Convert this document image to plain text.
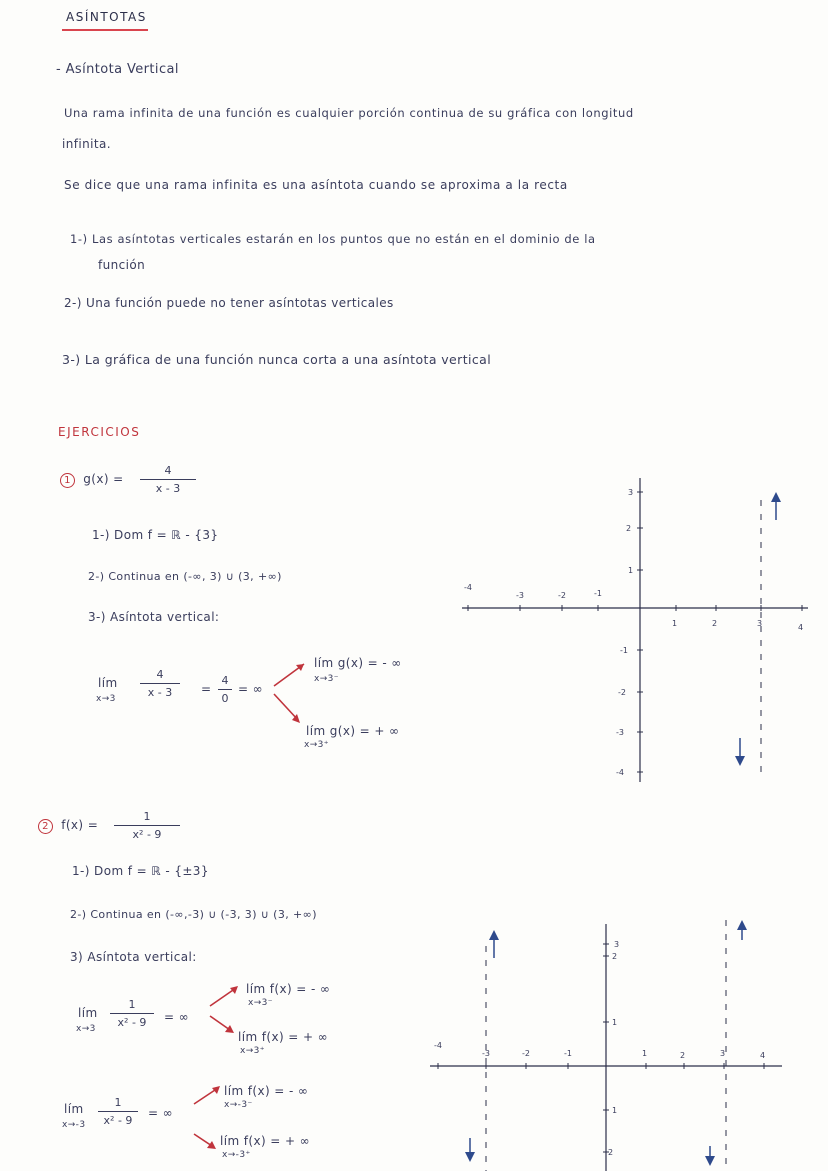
ASÍNTOTAS
- Asíntota Vertical
Una rama infinita de una función es cualquier porción continua de su gráfica con longitud
infinita.
Se dice que una rama infinita es una asíntota cuando se aproxima a la recta
1-) Las asíntotas verticales estarán en los puntos que no están en el dominio de la
función
2-) Una función puede no tener asíntotas verticales
3-) La gráfica de una función nunca corta a una asíntota vertical
EJERCICIOS
1 g(x) =
4
x - 3
1-) Dom f = ℝ - {3}
2-) Continua en (-∞, 3) ∪ (3, +∞)
3-) Asíntota vertical:
lím
x→3
4
x - 3 =
4
0
= ∞
lím g(x) = - ∞
x→3⁻
lím g(x) = + ∞
x→3⁺
-4
-3	-2	-1
1	2	3	4
3
2
1
-1
-2
-3
-4
2 f(x) =
1
x² - 9
1-) Dom f = ℝ - {±3}
2-) Continua en (-∞,-3) ∪ (-3, 3) ∪ (3, +∞)
3) Asíntota vertical:
lím
x→3
1
x² - 9 = ∞
lím f(x) = - ∞
x→3⁻
lím f(x) = + ∞
x→3⁺
lím
x→-3
1
x² - 9
= ∞
lím f(x) = - ∞
x→-3⁻
lím f(x) = + ∞
x→-3⁺
-4
-3	-2	-1	1	2	3	4
3
2
1
1
2
